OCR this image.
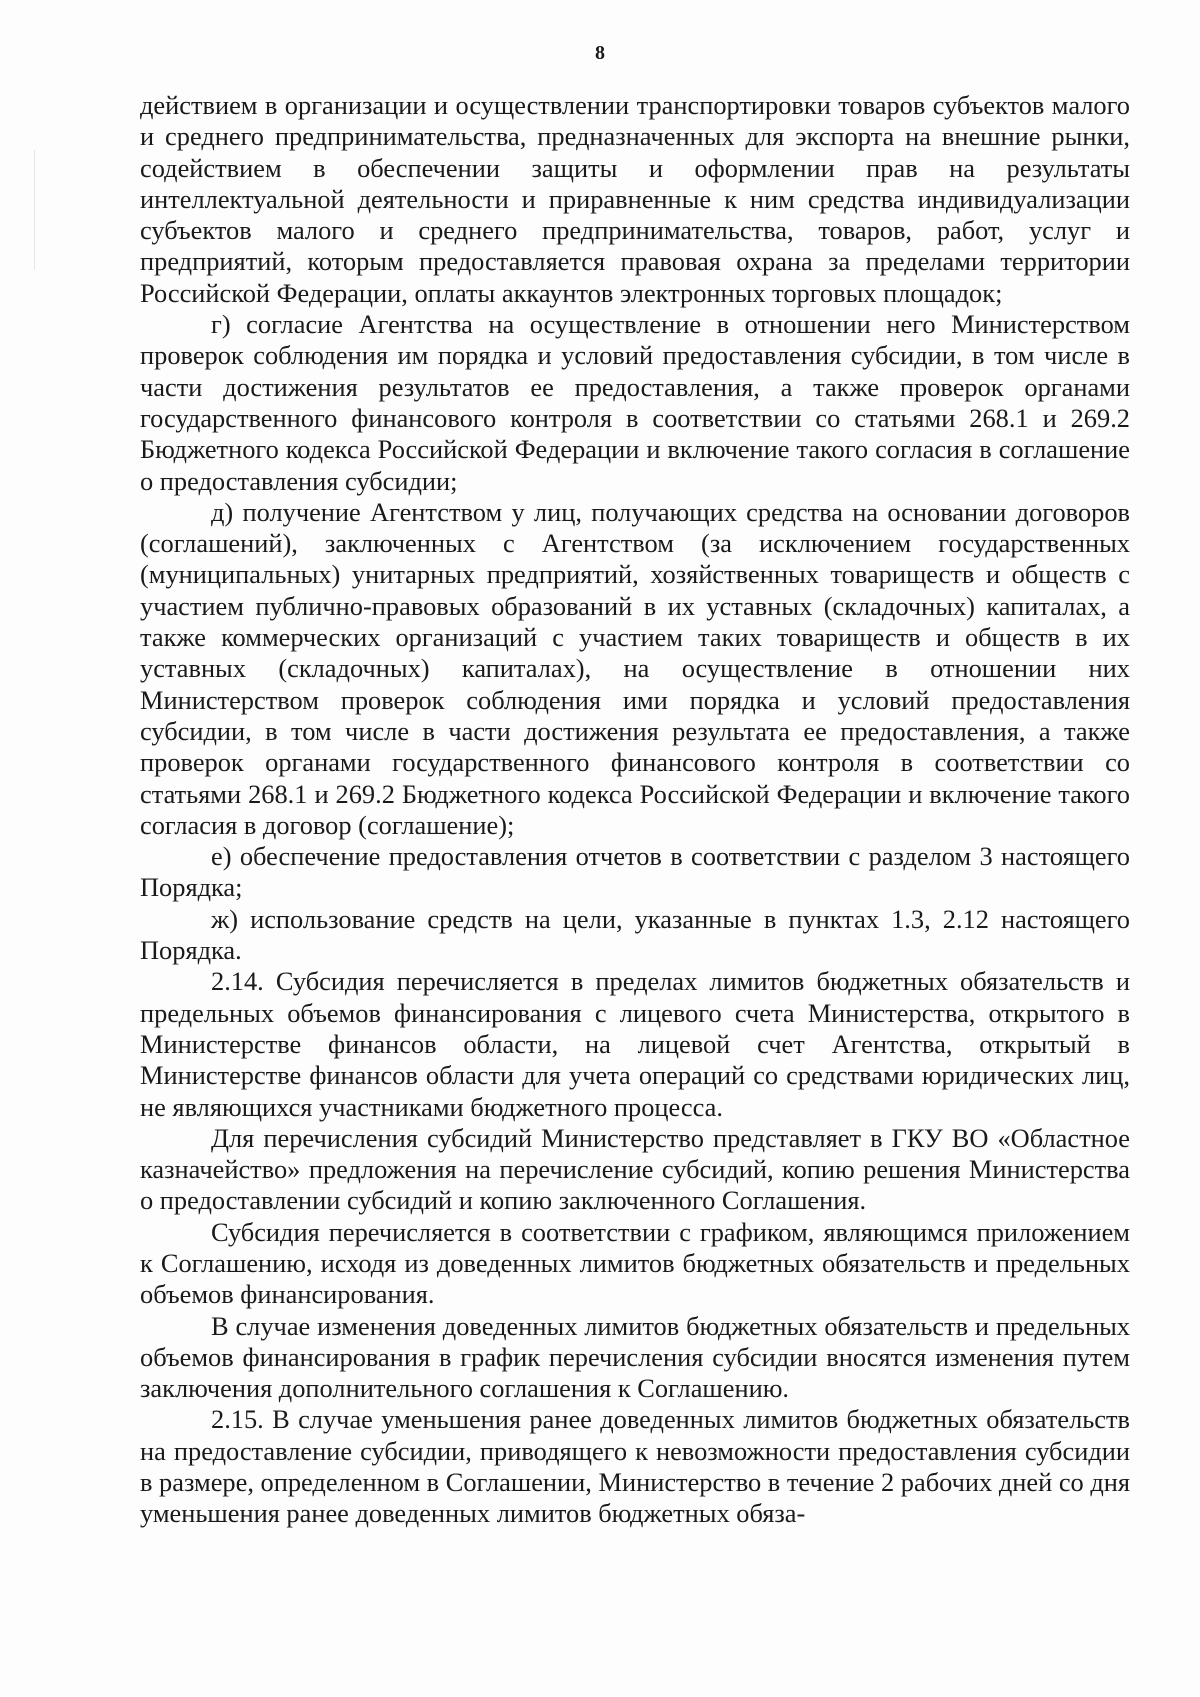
8

действием в организации и осуществлении транспортировки товаров субъектов малого и среднего предпринимательства, предназначенных для экспорта на внешние рынки, содействием в обеспечении защиты и оформлении прав на результаты интеллектуальной деятельности и приравненные к ним средства индивидуализации субъектов малого и среднего предпринимательства, товаров, работ, услуг и предприятий, которым предоставляется правовая охрана за пределами территории Российской Федерации, оплаты аккаунтов электронных торговых площадок;

г) согласие Агентства на осуществление в отношении него Министерством проверок соблюдения им порядка и условий предоставления субсидии, в том числе в части достижения результатов ее предоставления, а также проверок органами государственного финансового контроля в соответствии со статьями 268.1 и 269.2 Бюджетного кодекса Российской Федерации и включение такого согласия в соглашение о предоставления субсидии;

д) получение Агентством у лиц, получающих средства на основании договоров (соглашений), заключенных с Агентством (за исключением государственных (муниципальных) унитарных предприятий, хозяйственных товариществ и обществ с участием публично-правовых образований в их уставных (складочных) капиталах, а также коммерческих организаций с участием таких товариществ и обществ в их уставных (складочных) капиталах), на осуществление в отношении них Министерством проверок соблюдения ими порядка и условий предоставления субсидии, в том числе в части достижения результата ее предоставления, а также проверок органами государственного финансового контроля в соответствии со статьями 268.1 и 269.2 Бюджетного кодекса Российской Федерации и включение такого согласия в договор (соглашение);

е) обеспечение предоставления отчетов в соответствии с разделом 3 настоящего Порядка;

ж) использование средств на цели, указанные в пунктах 1.3, 2.12 настоящего Порядка.

2.14. Субсидия перечисляется в пределах лимитов бюджетных обязательств и предельных объемов финансирования с лицевого счета Министерства, открытого в Министерстве финансов области, на лицевой счет Агентства, открытый в Министерстве финансов области для учета операций со средствами юридических лиц, не являющихся участниками бюджетного процесса.

Для перечисления субсидий Министерство представляет в ГКУ ВО «Областное казначейство» предложения на перечисление субсидий, копию решения Министерства о предоставлении субсидий и копию заключенного Соглашения.

Субсидия перечисляется в соответствии с графиком, являющимся приложением к Соглашению, исходя из доведенных лимитов бюджетных обязательств и предельных объемов финансирования.

В случае изменения доведенных лимитов бюджетных обязательств и предельных объемов финансирования в график перечисления субсидии вносятся изменения путем заключения дополнительного соглашения к Соглашению.

2.15. В случае уменьшения ранее доведенных лимитов бюджетных обязательств на предоставление субсидии, приводящего к невозможности предоставления субсидии в размере, определенном в Соглашении, Министерство в течение 2 рабочих дней со дня уменьшения ранее доведенных лимитов бюджетных обяза-
